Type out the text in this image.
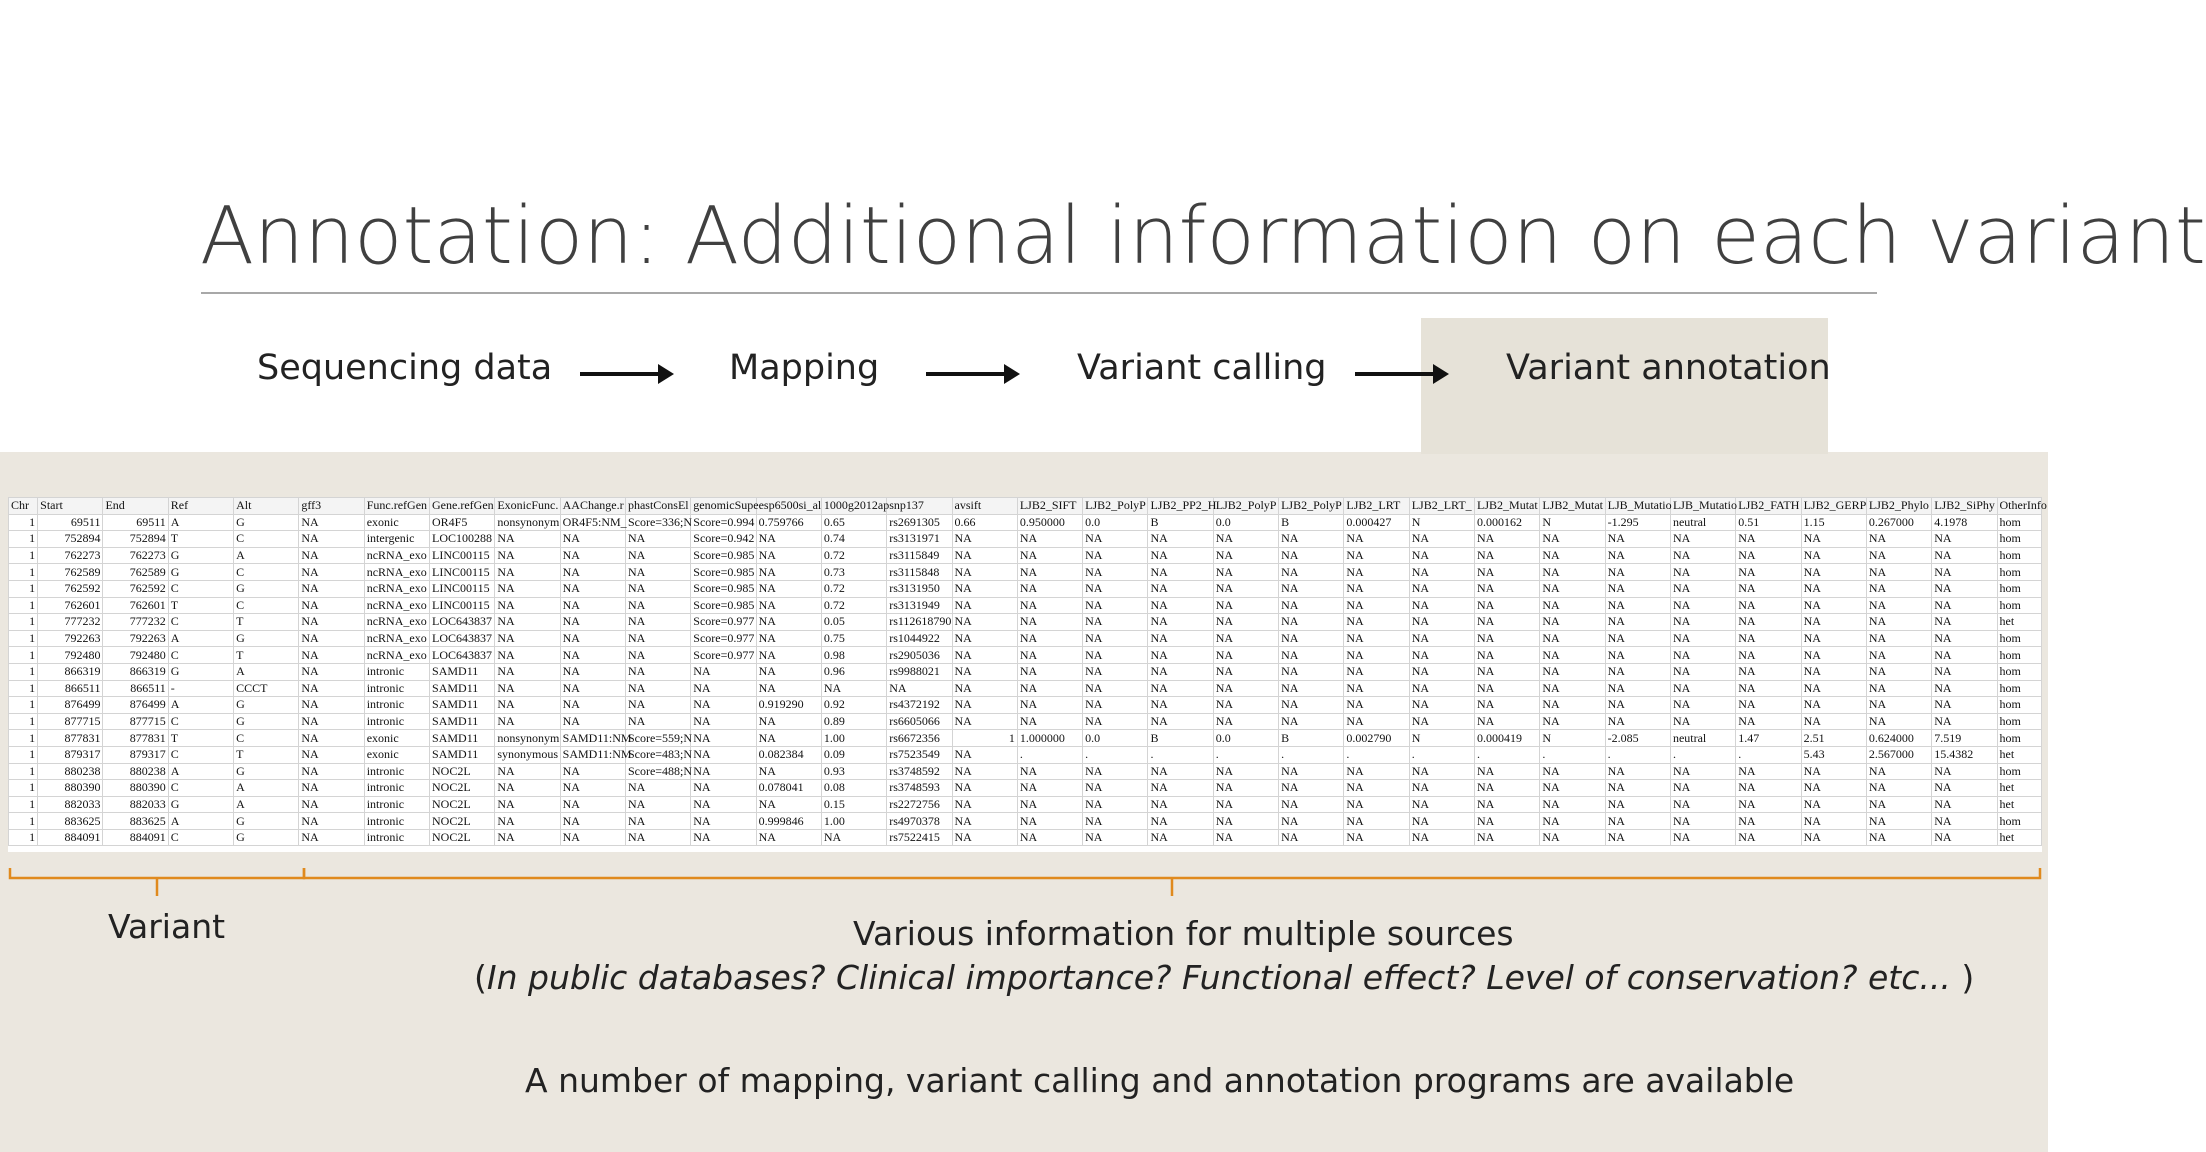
Annotation: Additional information on each variant
Sequencing data	Mapping	Variant calling	Variant annotation
Chr	Start	End	Ref	Alt	gff3	Func.refGen	Gene.refGen	ExonicFunc.	AAChange.r	phastConsEl	genomicSupe	esp6500si_al	1000g2012ap	snp137	avsift	LJB2_SIFT	LJB2_PolyP	LJB2_PP2_H	LJB2_PolyP	LJB2_PolyP	LJB2_LRT	LJB2_LRT_	LJB2_Mutat	LJB2_Mutat	LJB_Mutatio	LJB_Mutatio	LJB2_FATH	LJB2_GERP	LJB2_Phylo	LJB2_SiPhy	OtherInfo
1	69511	69511	A	G	NA	exonic	OR4F5	nonsynonym	OR4F5:NM_	Score=336;N	Score=0.994	0.759766	0.65	rs2691305	0.66	0.950000	0.0	B	0.0	B	0.000427	N	0.000162	N	-1.295	neutral	0.51	1.15	0.267000	4.1978	hom
1	752894	752894	T	C	NA	intergenic	LOC100288	NA	NA	NA	Score=0.942	NA	0.74	rs3131971	NA	NA	NA	NA	NA	NA	NA	NA	NA	NA	NA	NA	NA	NA	NA	NA	hom
1	762273	762273	G	A	NA	ncRNA_exo	LINC00115	NA	NA	NA	Score=0.985	NA	0.72	rs3115849	NA	NA	NA	NA	NA	NA	NA	NA	NA	NA	NA	NA	NA	NA	NA	NA	hom
1	762589	762589	G	C	NA	ncRNA_exo	LINC00115	NA	NA	NA	Score=0.985	NA	0.73	rs3115848	NA	NA	NA	NA	NA	NA	NA	NA	NA	NA	NA	NA	NA	NA	NA	NA	hom
1	762592	762592	C	G	NA	ncRNA_exo	LINC00115	NA	NA	NA	Score=0.985	NA	0.72	rs3131950	NA	NA	NA	NA	NA	NA	NA	NA	NA	NA	NA	NA	NA	NA	NA	NA	hom
1	762601	762601	T	C	NA	ncRNA_exo	LINC00115	NA	NA	NA	Score=0.985	NA	0.72	rs3131949	NA	NA	NA	NA	NA	NA	NA	NA	NA	NA	NA	NA	NA	NA	NA	NA	hom
1	777232	777232	C	T	NA	ncRNA_exo	LOC643837	NA	NA	NA	Score=0.977	NA	0.05	rs112618790	NA	NA	NA	NA	NA	NA	NA	NA	NA	NA	NA	NA	NA	NA	NA	NA	het
1	792263	792263	A	G	NA	ncRNA_exo	LOC643837	NA	NA	NA	Score=0.977	NA	0.75	rs1044922	NA	NA	NA	NA	NA	NA	NA	NA	NA	NA	NA	NA	NA	NA	NA	NA	hom
1	792480	792480	C	T	NA	ncRNA_exo	LOC643837	NA	NA	NA	Score=0.977	NA	0.98	rs2905036	NA	NA	NA	NA	NA	NA	NA	NA	NA	NA	NA	NA	NA	NA	NA	NA	hom
1	866319	866319	G	A	NA	intronic	SAMD11	NA	NA	NA	NA	NA	0.96	rs9988021	NA	NA	NA	NA	NA	NA	NA	NA	NA	NA	NA	NA	NA	NA	NA	NA	hom
1	866511	866511	-	CCCT	NA	intronic	SAMD11	NA	NA	NA	NA	NA	NA	NA	NA	NA	NA	NA	NA	NA	NA	NA	NA	NA	NA	NA	NA	NA	NA	NA	hom
1	876499	876499	A	G	NA	intronic	SAMD11	NA	NA	NA	NA	0.919290	0.92	rs4372192	NA	NA	NA	NA	NA	NA	NA	NA	NA	NA	NA	NA	NA	NA	NA	NA	hom
1	877715	877715	C	G	NA	intronic	SAMD11	NA	NA	NA	NA	NA	0.89	rs6605066	NA	NA	NA	NA	NA	NA	NA	NA	NA	NA	NA	NA	NA	NA	NA	NA	hom
1	877831	877831	T	C	NA	exonic	SAMD11	nonsynonym	SAMD11:NM	Score=559;N	NA	NA	1.00	rs6672356	1	1.000000	0.0	B	0.0	B	0.002790	N	0.000419	N	-2.085	neutral	1.47	2.51	0.624000	7.519	hom
1	879317	879317	C	T	NA	exonic	SAMD11	synonymous	SAMD11:NM	Score=483;N	NA	0.082384	0.09	rs7523549	NA	.	.	.	.	.	.	.	.	.	.	.	.	5.43	2.567000	15.4382	het
1	880238	880238	A	G	NA	intronic	NOC2L	NA	NA	Score=488;N	NA	NA	0.93	rs3748592	NA	NA	NA	NA	NA	NA	NA	NA	NA	NA	NA	NA	NA	NA	NA	NA	hom
1	880390	880390	C	A	NA	intronic	NOC2L	NA	NA	NA	NA	0.078041	0.08	rs3748593	NA	NA	NA	NA	NA	NA	NA	NA	NA	NA	NA	NA	NA	NA	NA	NA	het
1	882033	882033	G	A	NA	intronic	NOC2L	NA	NA	NA	NA	NA	0.15	rs2272756	NA	NA	NA	NA	NA	NA	NA	NA	NA	NA	NA	NA	NA	NA	NA	NA	het
1	883625	883625	A	G	NA	intronic	NOC2L	NA	NA	NA	NA	0.999846	1.00	rs4970378	NA	NA	NA	NA	NA	NA	NA	NA	NA	NA	NA	NA	NA	NA	NA	NA	hom
1	884091	884091	C	G	NA	intronic	NOC2L	NA	NA	NA	NA	NA	NA	rs7522415	NA	NA	NA	NA	NA	NA	NA	NA	NA	NA	NA	NA	NA	NA	NA	NA	het
Variant	Various information for multiple sources
(In public databases? Clinical importance? Functional effect? Level of conservation? etc... )
A number of mapping, variant calling and annotation programs are available
